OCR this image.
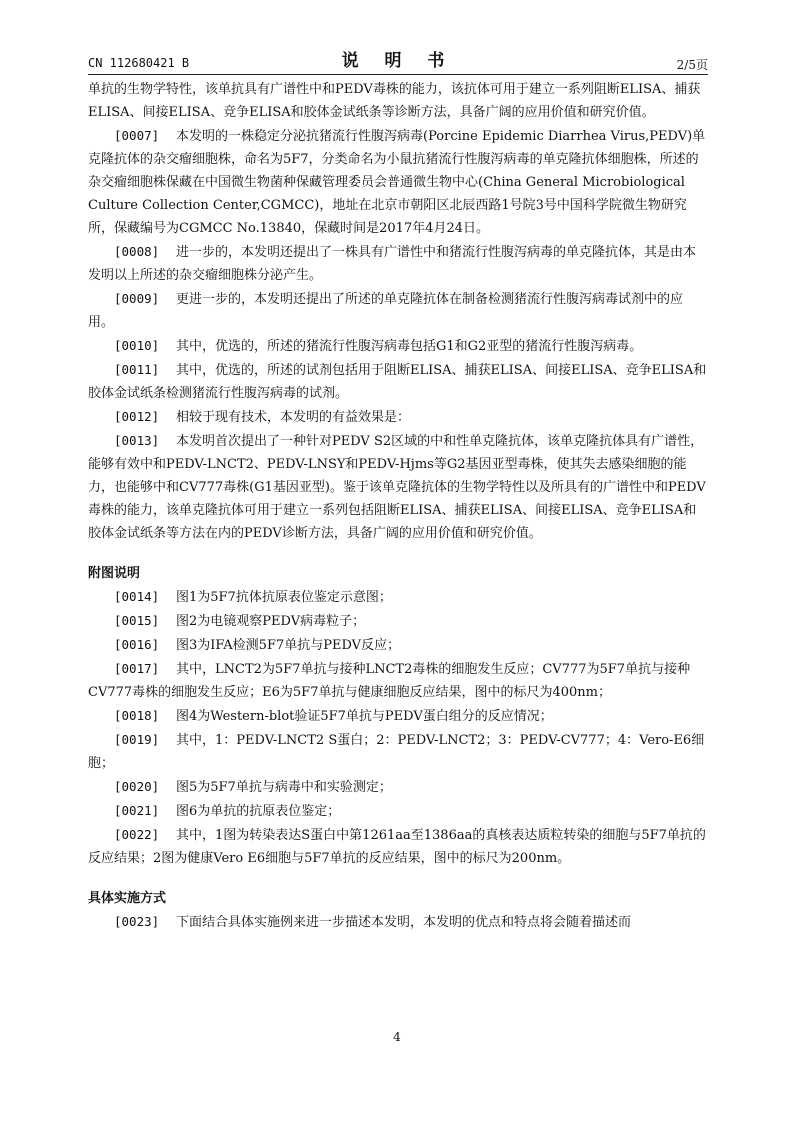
CN 112680421 B	说 明 书	2/5页

单抗的生物学特性，该单抗具有广谱性中和PEDV毒株的能力，该抗体可用于建立一系列阻断ELISA、捕获ELISA、间接ELISA、竞争ELISA和胶体金试纸条等诊断方法，具备广阔的应用价值和研究价值。

[0007] 本发明的一株稳定分泌抗猪流行性腹泻病毒(Porcine Epidemic Diarrhea Virus,PEDV)单克隆抗体的杂交瘤细胞株，命名为5F7，分类命名为小鼠抗猪流行性腹泻病毒的单克隆抗体细胞株，所述的杂交瘤细胞株保藏在中国微生物菌种保藏管理委员会普通微生物中心(China General Microbiological Culture Collection Center,CGMCC)，地址在北京市朝阳区北辰西路1号院3号中国科学院微生物研究所，保藏编号为CGMCC No.13840，保藏时间是2017年4月24日。

[0008] 进一步的，本发明还提出了一株具有广谱性中和猪流行性腹泻病毒的单克隆抗体，其是由本发明以上所述的杂交瘤细胞株分泌产生。

[0009] 更进一步的，本发明还提出了所述的单克隆抗体在制备检测猪流行性腹泻病毒试剂中的应用。

[0010] 其中，优选的，所述的猪流行性腹泻病毒包括G1和G2亚型的猪流行性腹泻病毒。

[0011] 其中，优选的，所述的试剂包括用于阻断ELISA、捕获ELISA、间接ELISA、竞争ELISA和胶体金试纸条检测猪流行性腹泻病毒的试剂。

[0012] 相较于现有技术，本发明的有益效果是：

[0013] 本发明首次提出了一种针对PEDV S2区域的中和性单克隆抗体，该单克隆抗体具有广谱性，能够有效中和PEDV-LNCT2、PEDV-LNSY和PEDV-Hjms等G2基因亚型毒株，使其失去感染细胞的能力，也能够中和CV777毒株(G1基因亚型)。鉴于该单克隆抗体的生物学特性以及所具有的广谱性中和PEDV毒株的能力，该单克隆抗体可用于建立一系列包括阻断ELISA、捕获ELISA、间接ELISA、竞争ELISA和胶体金试纸条等方法在内的PEDV诊断方法，具备广阔的应用价值和研究价值。

附图说明

[0014] 图1为5F7抗体抗原表位鉴定示意图；

[0015] 图2为电镜观察PEDV病毒粒子；

[0016] 图3为IFA检测5F7单抗与PEDV反应；

[0017] 其中，LNCT2为5F7单抗与接种LNCT2毒株的细胞发生反应；CV777为5F7单抗与接种CV777毒株的细胞发生反应；E6为5F7单抗与健康细胞反应结果，图中的标尺为400nm；

[0018] 图4为Western-blot验证5F7单抗与PEDV蛋白组分的反应情况；

[0019] 其中，1：PEDV-LNCT2 S蛋白；2：PEDV-LNCT2；3：PEDV-CV777；4：Vero-E6细胞；

[0020] 图5为5F7单抗与病毒中和实验测定；

[0021] 图6为单抗的抗原表位鉴定；

[0022] 其中，1图为转染表达S蛋白中第1261aa至1386aa的真核表达质粒转染的细胞与5F7单抗的反应结果；2图为健康Vero E6细胞与5F7单抗的反应结果，图中的标尺为200nm。

具体实施方式

[0023] 下面结合具体实施例来进一步描述本发明，本发明的优点和特点将会随着描述而

4
